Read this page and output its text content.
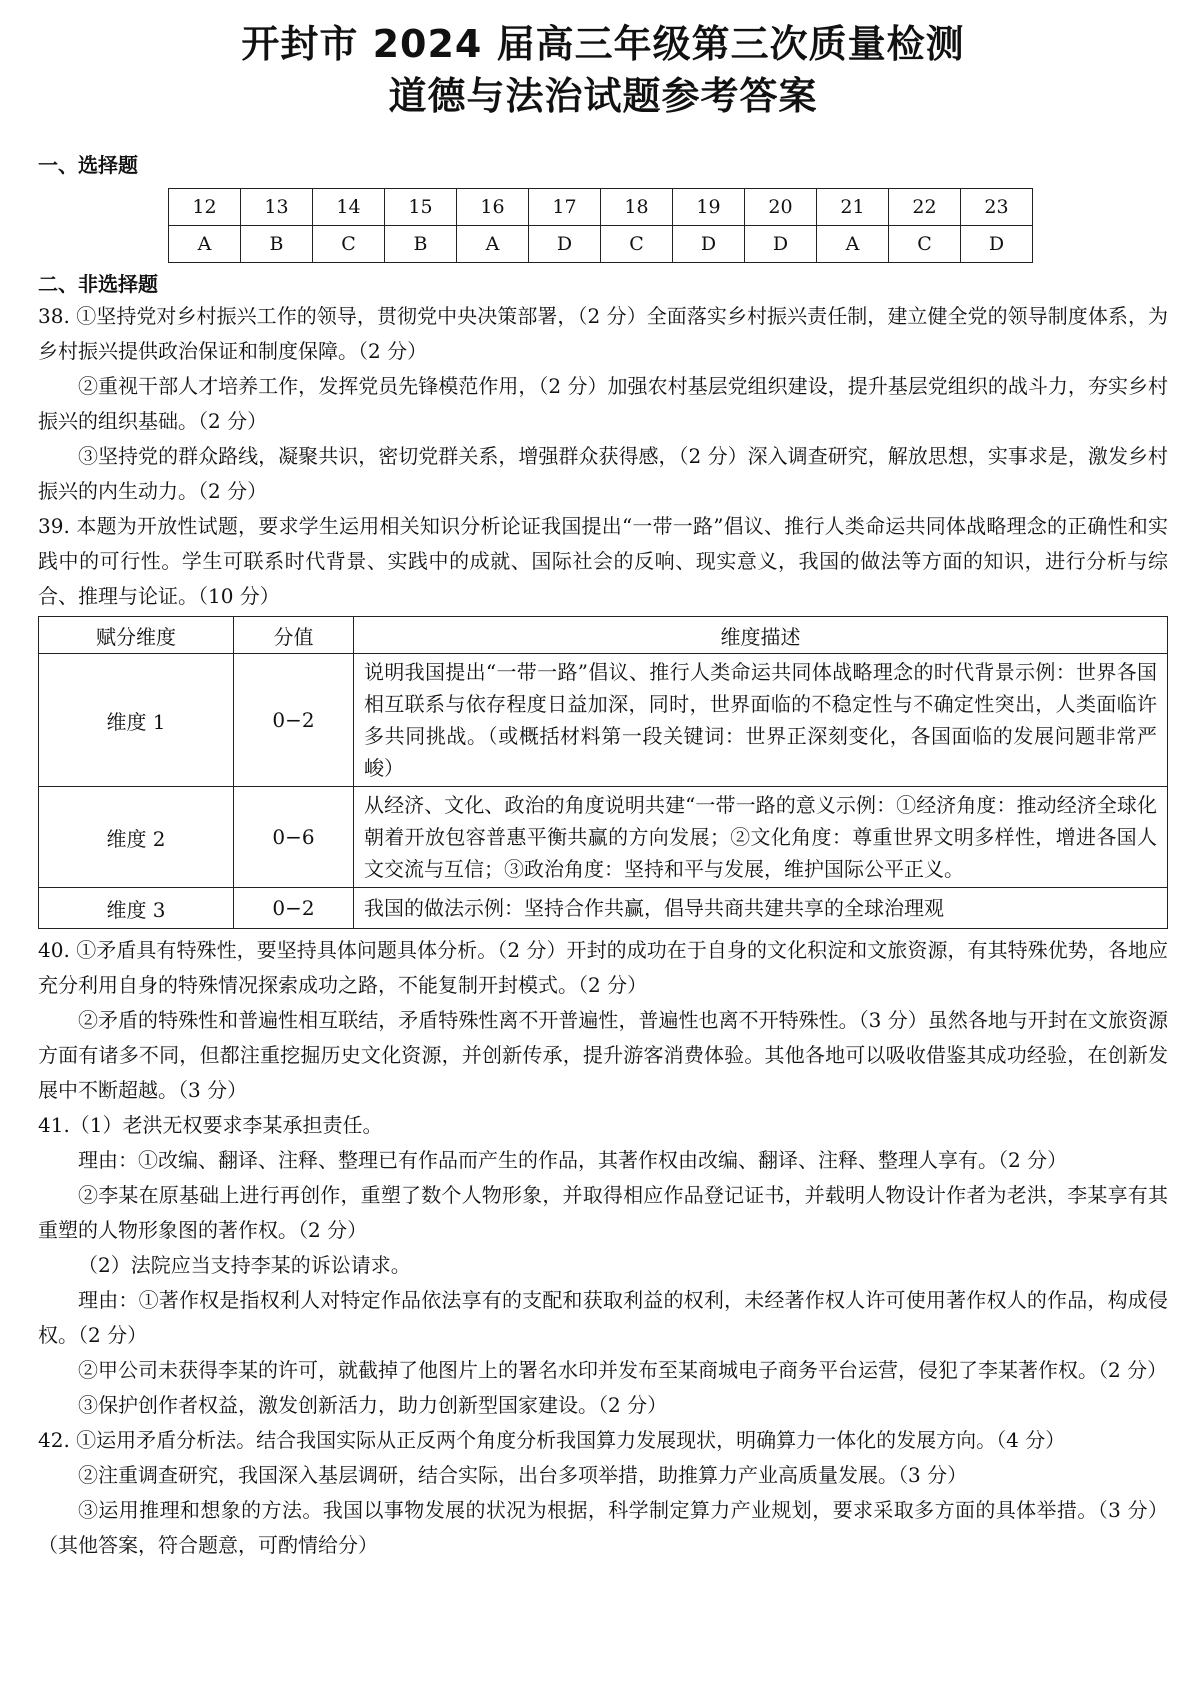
开封市 2024 届高三年级第三次质量检测
道德与法治试题参考答案

一、选择题

12	13	14	15	16	17	18	19	20	21	22	23
A	B	C	B	A	D	C	D	D	A	C	D

二、非选择题

38. ①坚持党对乡村振兴工作的领导，贯彻党中央决策部署，（2 分）全面落实乡村振兴责任制，建立健全党的领导制度体系，为乡村振兴提供政治保证和制度保障。（2 分）

②重视干部人才培养工作，发挥党员先锋模范作用，（2 分）加强农村基层党组织建设，提升基层党组织的战斗力，夯实乡村振兴的组织基础。（2 分）

③坚持党的群众路线，凝聚共识，密切党群关系，增强群众获得感，（2 分）深入调查研究，解放思想，实事求是，激发乡村振兴的内生动力。（2 分）

39. 本题为开放性试题，要求学生运用相关知识分析论证我国提出“一带一路”倡议、推行人类命运共同体战略理念的正确性和实践中的可行性。学生可联系时代背景、实践中的成就、国际社会的反响、现实意义，我国的做法等方面的知识，进行分析与综合、推理与论证。（10 分）

赋分维度	分值	维度描述
维度 1	0−2	说明我国提出“一带一路”倡议、推行人类命运共同体战略理念的时代背景示例：世界各国相互联系与依存程度日益加深，同时，世界面临的不稳定性与不确定性突出，人类面临许多共同挑战。（或概括材料第一段关键词：世界正深刻变化，各国面临的发展问题非常严峻）
维度 2	0−6	从经济、文化、政治的角度说明共建“一带一路的意义示例：①经济角度：推动经济全球化朝着开放包容普惠平衡共赢的方向发展；②文化角度：尊重世界文明多样性，增进各国人文交流与互信；③政治角度：坚持和平与发展，维护国际公平正义。
维度 3	0−2	我国的做法示例：坚持合作共赢，倡导共商共建共享的全球治理观

40. ①矛盾具有特殊性，要坚持具体问题具体分析。（2 分）开封的成功在于自身的文化积淀和文旅资源，有其特殊优势，各地应充分利用自身的特殊情况探索成功之路，不能复制开封模式。（2 分）

②矛盾的特殊性和普遍性相互联结，矛盾特殊性离不开普遍性，普遍性也离不开特殊性。（3 分）虽然各地与开封在文旅资源方面有诸多不同，但都注重挖掘历史文化资源，并创新传承，提升游客消费体验。其他各地可以吸收借鉴其成功经验，在创新发展中不断超越。（3 分）

41.（1）老洪无权要求李某承担责任。

理由：①改编、翻译、注释、整理已有作品而产生的作品，其著作权由改编、翻译、注释、整理人享有。（2 分）

②李某在原基础上进行再创作，重塑了数个人物形象，并取得相应作品登记证书，并载明人物设计作者为老洪，李某享有其重塑的人物形象图的著作权。（2 分）

（2）法院应当支持李某的诉讼请求。

理由：①著作权是指权利人对特定作品依法享有的支配和获取利益的权利，未经著作权人许可使用著作权人的作品，构成侵权。（2 分）

②甲公司未获得李某的许可，就截掉了他图片上的署名水印并发布至某商城电子商务平台运营，侵犯了李某著作权。（2 分）

③保护创作者权益，激发创新活力，助力创新型国家建设。（2 分）

42. ①运用矛盾分析法。结合我国实际从正反两个角度分析我国算力发展现状，明确算力一体化的发展方向。（4 分）

②注重调查研究，我国深入基层调研，结合实际，出台多项举措，助推算力产业高质量发展。（3 分）

③运用推理和想象的方法。我国以事物发展的状况为根据，科学制定算力产业规划，要求采取多方面的具体举措。（3 分）（其他答案，符合题意，可酌情给分）
